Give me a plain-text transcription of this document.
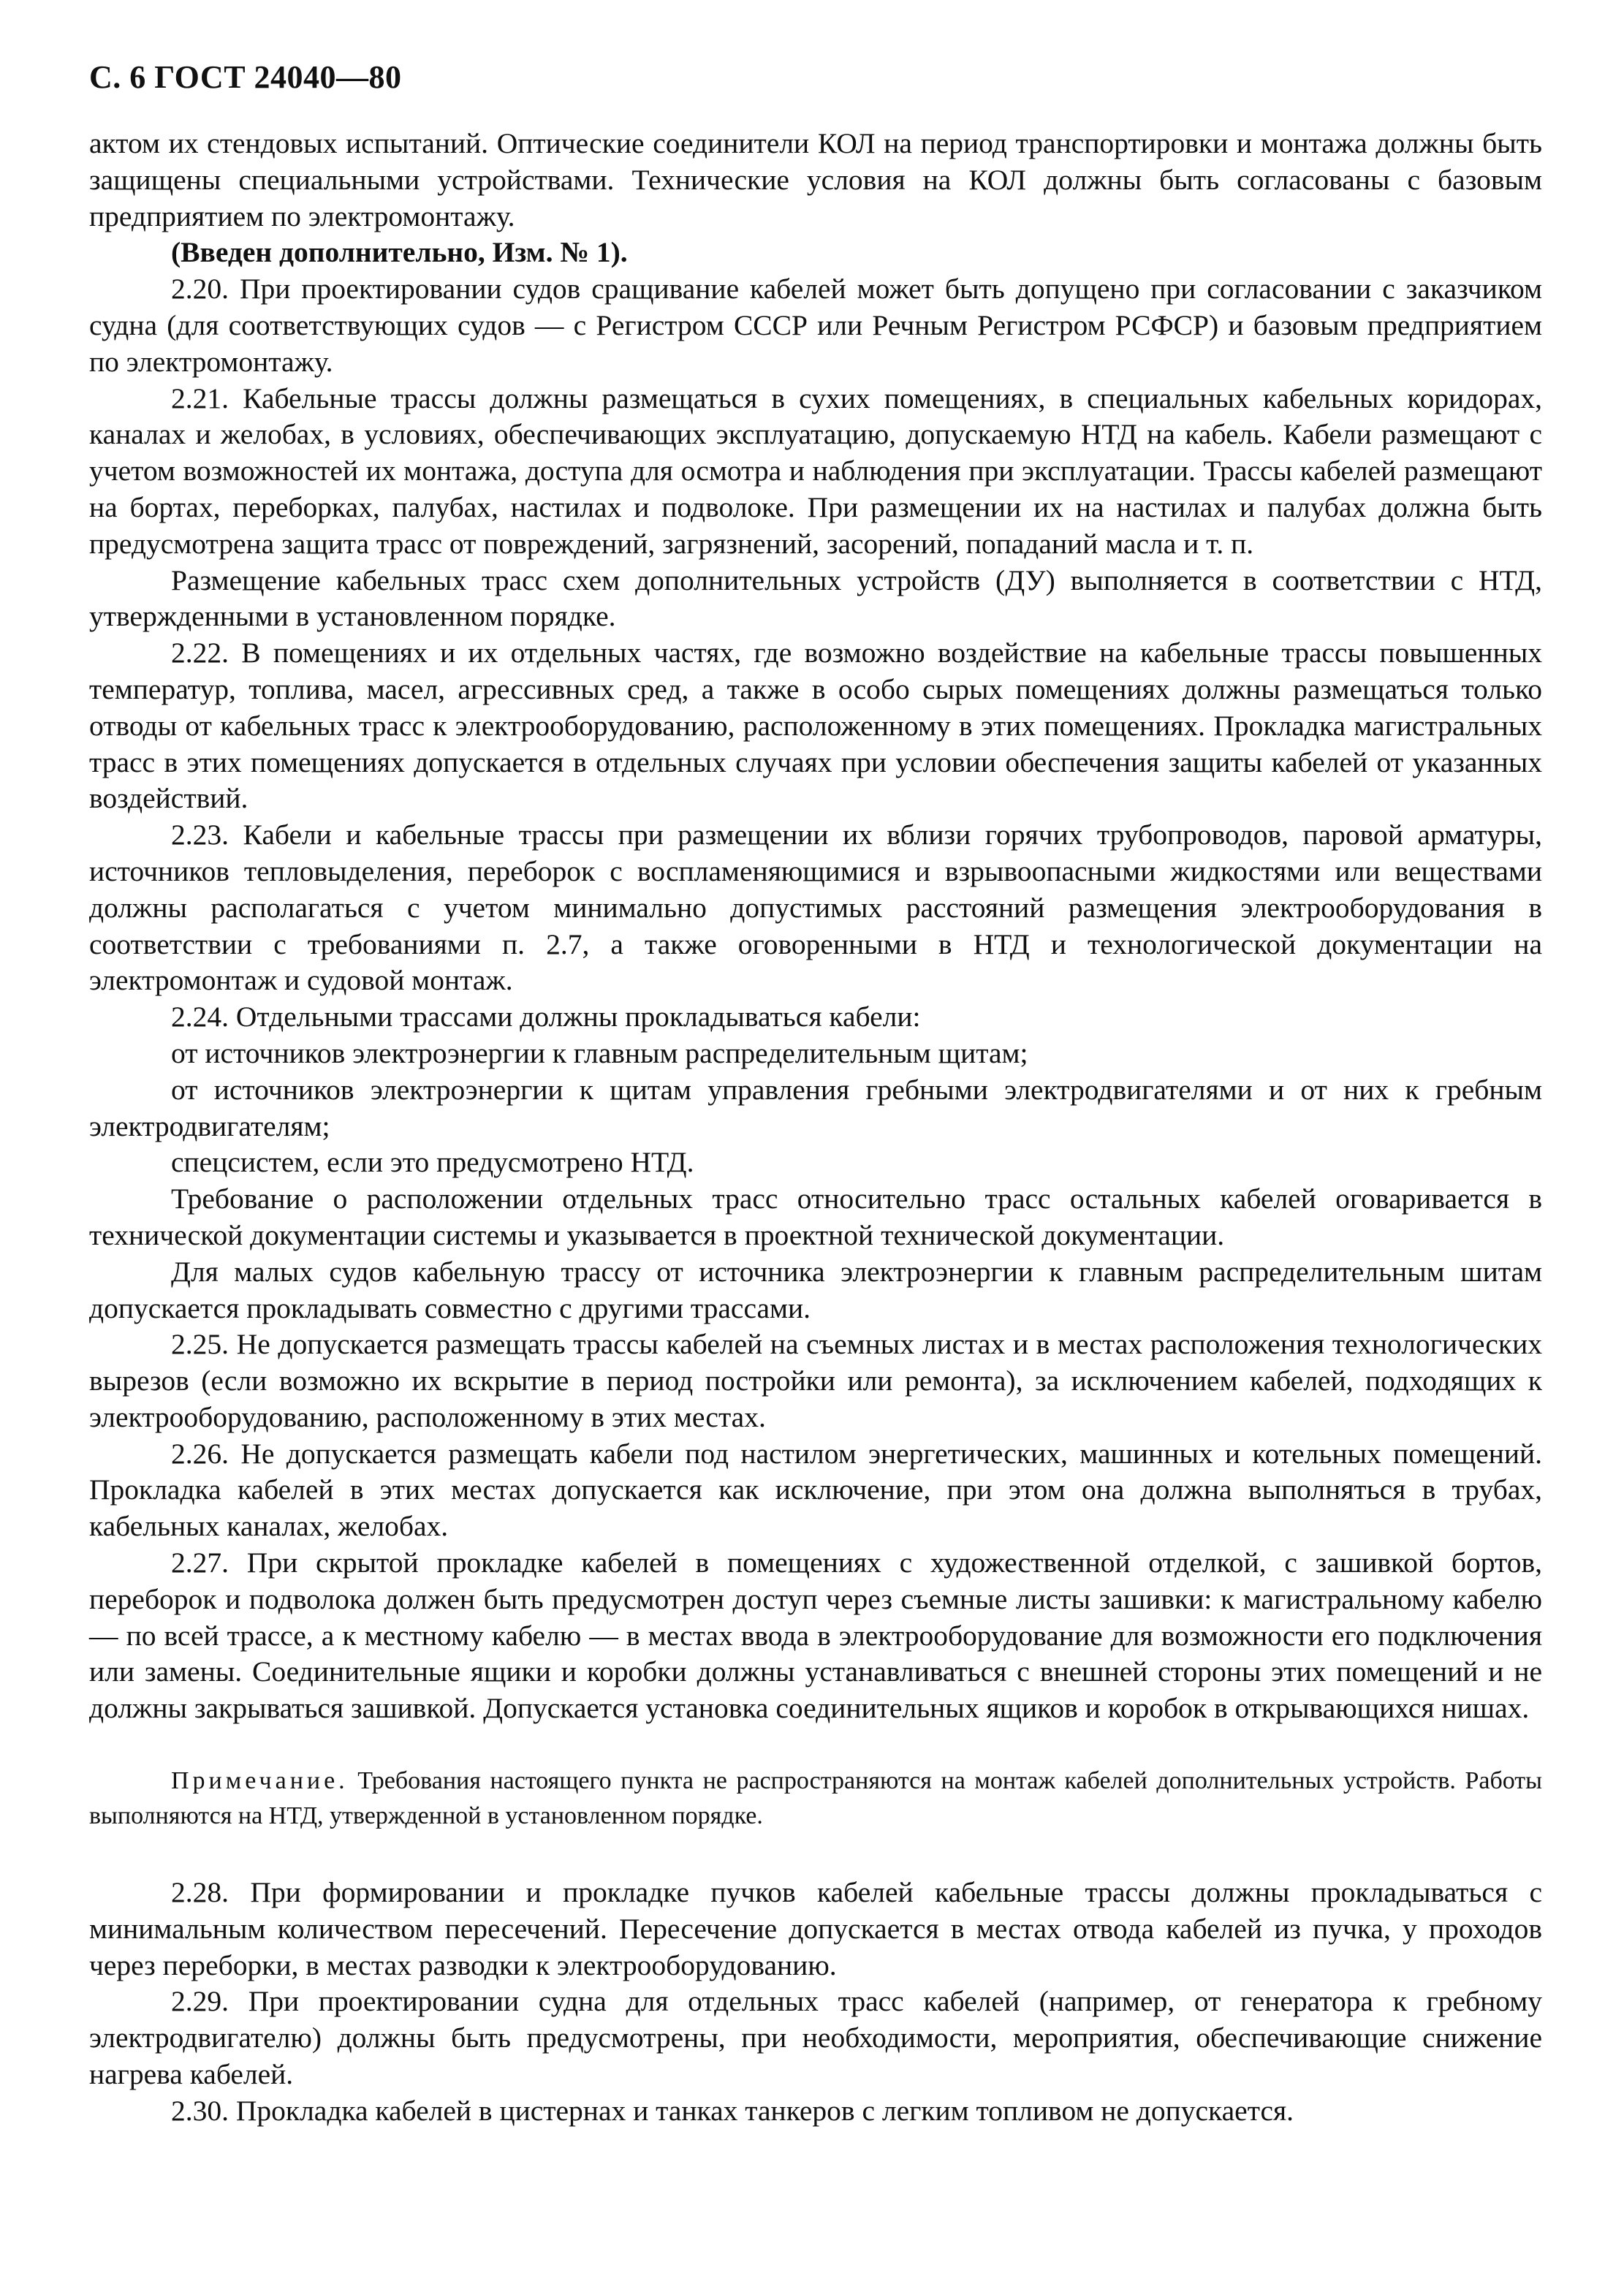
С. 6 ГОСТ 24040—80

актом их стендовых испытаний. Оптические соединители КОЛ на период транспортировки и монтажа должны быть защищены специальными устройствами. Технические условия на КОЛ должны быть согласованы с базовым предприятием по электромонтажу.

(Введен дополнительно, Изм. № 1).

2.20. При проектировании судов сращивание кабелей может быть допущено при согласовании с заказчиком судна (для соответствующих судов — с Регистром СССР или Речным Регистром РСФСР) и базовым предприятием по электромонтажу.

2.21. Кабельные трассы должны размещаться в сухих помещениях, в специальных кабельных коридорах, каналах и желобах, в условиях, обеспечивающих эксплуатацию, допускаемую НТД на кабель. Кабели размещают с учетом возможностей их монтажа, доступа для осмотра и наблюдения при эксплуатации. Трассы кабелей размещают на бортах, переборках, палубах, настилах и подволоке. При размещении их на настилах и палубах должна быть предусмотрена защита трасс от повреждений, загрязнений, засорений, попаданий масла и т. п.

Размещение кабельных трасс схем дополнительных устройств (ДУ) выполняется в соответствии с НТД, утвержденными в установленном порядке.

2.22. В помещениях и их отдельных частях, где возможно воздействие на кабельные трассы повышенных температур, топлива, масел, агрессивных сред, а также в особо сырых помещениях должны размещаться только отводы от кабельных трасс к электрооборудованию, расположенному в этих помещениях. Прокладка магистральных трасс в этих помещениях допускается в отдельных случаях при условии обеспечения защиты кабелей от указанных воздействий.

2.23. Кабели и кабельные трассы при размещении их вблизи горячих трубопроводов, паровой арматуры, источников тепловыделения, переборок с воспламеняющимися и взрывоопасными жидкостями или веществами должны располагаться с учетом минимально допустимых расстояний размещения электрооборудования в соответствии с требованиями п. 2.7, а также оговоренными в НТД и технологической документации на электромонтаж и судовой монтаж.

2.24. Отдельными трассами должны прокладываться кабели:

от источников электроэнергии к главным распределительным щитам;

от источников электроэнергии к щитам управления гребными электродвигателями и от них к гребным электродвигателям;

спецсистем, если это предусмотрено НТД.

Требование о расположении отдельных трасс относительно трасс остальных кабелей оговаривается в технической документации системы и указывается в проектной технической документации.

Для малых судов кабельную трассу от источника электроэнергии к главным распределительным шитам допускается прокладывать совместно с другими трассами.

2.25. Не допускается размещать трассы кабелей на съемных листах и в местах расположения технологических вырезов (если возможно их вскрытие в период постройки или ремонта), за исключением кабелей, подходящих к электрооборудованию, расположенному в этих местах.

2.26. Не допускается размещать кабели под настилом энергетических, машинных и котельных помещений. Прокладка кабелей в этих местах допускается как исключение, при этом она должна выполняться в трубах, кабельных каналах, желобах.

2.27. При скрытой прокладке кабелей в помещениях с художественной отделкой, с зашивкой бортов, переборок и подволока должен быть предусмотрен доступ через съемные листы зашивки: к магистральному кабелю — по всей трассе, а к местному кабелю — в местах ввода в электрооборудование для возможности его подключения или замены. Соединительные ящики и коробки должны устанавливаться с внешней стороны этих помещений и не должны закрываться зашивкой. Допускается установка соединительных ящиков и коробок в открывающихся нишах.

Примечание. Требования настоящего пункта не распространяются на монтаж кабелей дополнительных устройств. Работы выполняются на НТД, утвержденной в установленном порядке.

2.28. При формировании и прокладке пучков кабелей кабельные трассы должны прокладываться с минимальным количеством пересечений. Пересечение допускается в местах отвода кабелей из пучка, у проходов через переборки, в местах разводки к электрооборудованию.

2.29. При проектировании судна для отдельных трасс кабелей (например, от генератора к гребному электродвигателю) должны быть предусмотрены, при необходимости, мероприятия, обеспечивающие снижение нагрева кабелей.

2.30. Прокладка кабелей в цистернах и танках танкеров с легким топливом не допускается.
